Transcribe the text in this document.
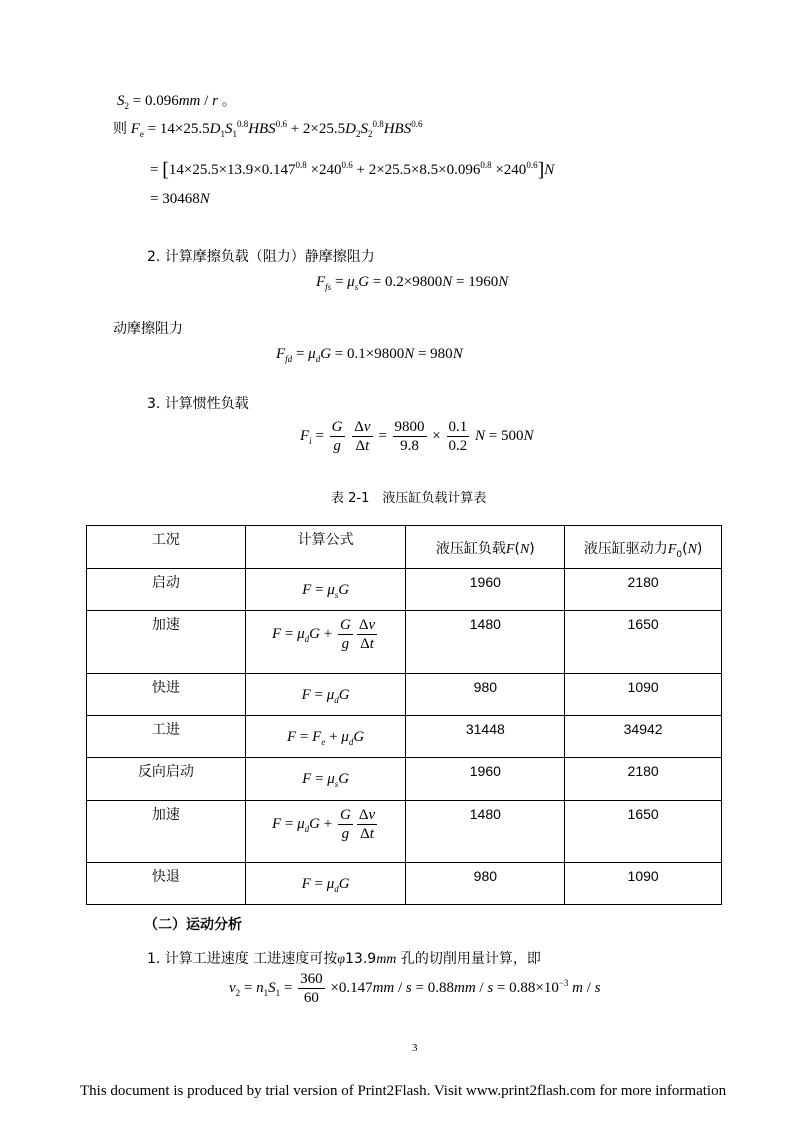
$S_2 = 0.096mm / r$ 。
则 $F_e = 14\times 25.5D_1S_1^{0.8}HBS^{0.6} + 2\times 25.5D_2S_2^{0.8}HBS^{0.6}$
= $[14\times 25.5\times 13.9\times 0.147^{0.8} \times 240^{0.6} + 2\times 25.5\times 8.5\times 0.096^{0.8} \times 240^{0.6}]N$
= 30468N
2. 计算摩擦负载（阻力）静摩擦阻力
$F_{fs} = \mu_sG = 0.2\times 9800N = 1960N$
动摩擦阻力
$F_{fd} = \mu_dG = 0.1\times 9800N = 980N$
3. 计算惯性负载
$F_i = \frac{G}{g}$
$\frac{\Delta v}{\Delta t} = \frac{9800}{9.8} \times \frac{0.1}{0.2}$ N = 500N
表 2-1　液压缸负载计算表
工况	计算公式	液压缸负载F(N)	液压缸驱动力$F_0(N)$

启动	$F = \mu_sG$	1960	2180

加速	$F = \mu_dG + \frac{G}{g} \frac{\Delta v}{\Delta t}$	1480	1650

快进	$F = \mu_dG$	980	1090

工进	$F = F_e + \mu_dG$	31448	34942

反向启动	$F = \mu_sG$	1960	2180

加速	$F = \mu_dG + \frac{G}{g} \frac{\Delta v}{\Delta t}$	1480	1650

快退	$F = \mu_dG$	980	1090
（二）运动分析
1. 计算工进速度 工进速度可按φ13.9mm 孔的切削用量计算，即
$v_2 = n_1S_1 = \frac{360}{60} \times 0.147mm / s = 0.88mm / s = 0.88\times 10^{-3}$ m / s
3
This document is produced by trial version of Print2Flash. Visit www.print2flash.com for more information
